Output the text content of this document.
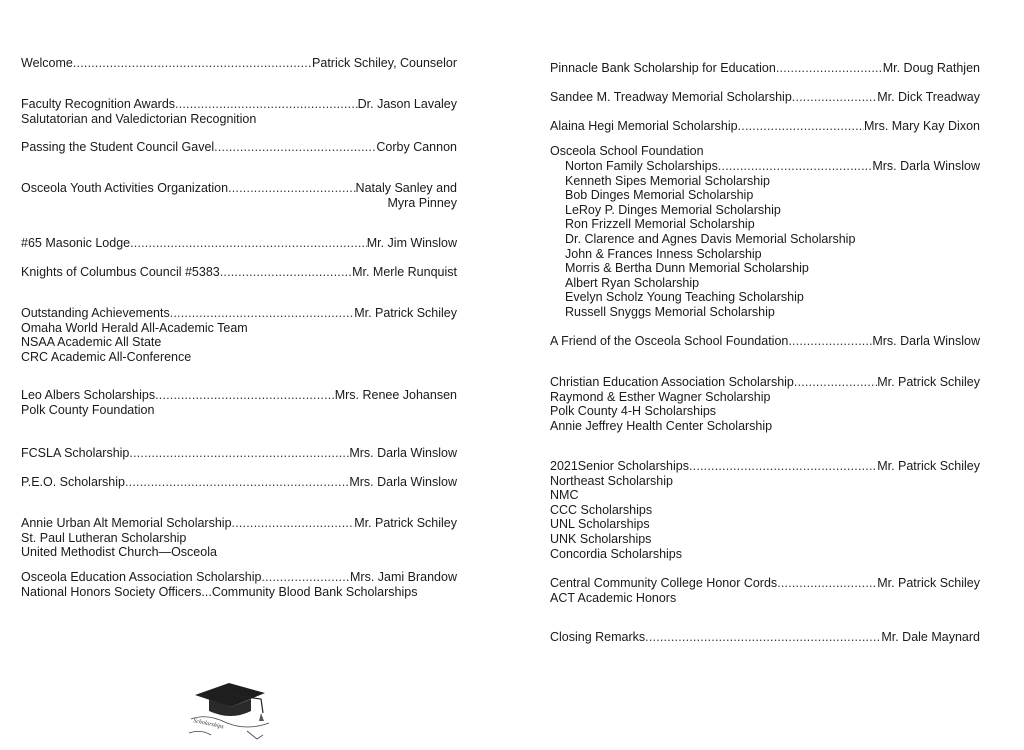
Welcome .....	Patrick Schiley, Counselor
Faculty Recognition Awards .....	Dr. Jason Lavaley
Salutatorian and Valedictorian Recognition
Passing the Student Council Gavel .....	Corby Cannon
Osceola Youth Activities Organization .....	Nataly Sanley and
Myra Pinney
#65 Masonic Lodge .....	Mr. Jim Winslow
Knights of Columbus Council #5383 .....	Mr. Merle Runquist
Outstanding Achievements .....	Mr. Patrick Schiley
Omaha World Herald All-Academic Team
NSAA Academic All State
CRC Academic All-Conference
Leo Albers Scholarships .....	Mrs. Renee Johansen
Polk County Foundation
FCSLA Scholarship .....	Mrs. Darla Winslow
P.E.O. Scholarship .....	Mrs. Darla Winslow
Annie Urban Alt Memorial Scholarship .....	Mr. Patrick Schiley
St. Paul Lutheran Scholarship
United Methodist Church—Osceola
Osceola Education Association Scholarship .....	Mrs. Jami Brandow
National Honors Society Officers...Community Blood Bank Scholarships
Pinnacle Bank Scholarship for Education .....	Mr. Doug Rathjen
Sandee M. Treadway Memorial Scholarship .....	Mr. Dick Treadway
Alaina Hegi Memorial Scholarship .....	Mrs. Mary Kay Dixon
Osceola School Foundation
Norton Family Scholarships .....	Mrs. Darla Winslow
Kenneth Sipes Memorial Scholarship
Bob Dinges Memorial Scholarship
LeRoy P. Dinges Memorial Scholarship
Ron Frizzell Memorial Scholarship
Dr. Clarence and Agnes Davis Memorial Scholarship
John & Frances Inness Scholarship
Morris & Bertha Dunn Memorial Scholarship
Albert Ryan Scholarship
Evelyn Scholz Young Teaching Scholarship
Russell Snyggs Memorial Scholarship
A Friend of the Osceola School Foundation .....	Mrs. Darla Winslow
Christian Education Association Scholarship .....	Mr. Patrick Schiley
Raymond & Esther Wagner Scholarship
Polk County 4-H Scholarships
Annie Jeffrey Health Center Scholarship
2021Senior Scholarships .....	Mr. Patrick Schiley
Northeast Scholarship
NMC
CCC Scholarships
UNL Scholarships
UNK Scholarships
Concordia Scholarships
Central Community College Honor Cords .....	Mr. Patrick Schiley
ACT Academic Honors
Closing Remarks .....	Mr. Dale Maynard
Scholarships
